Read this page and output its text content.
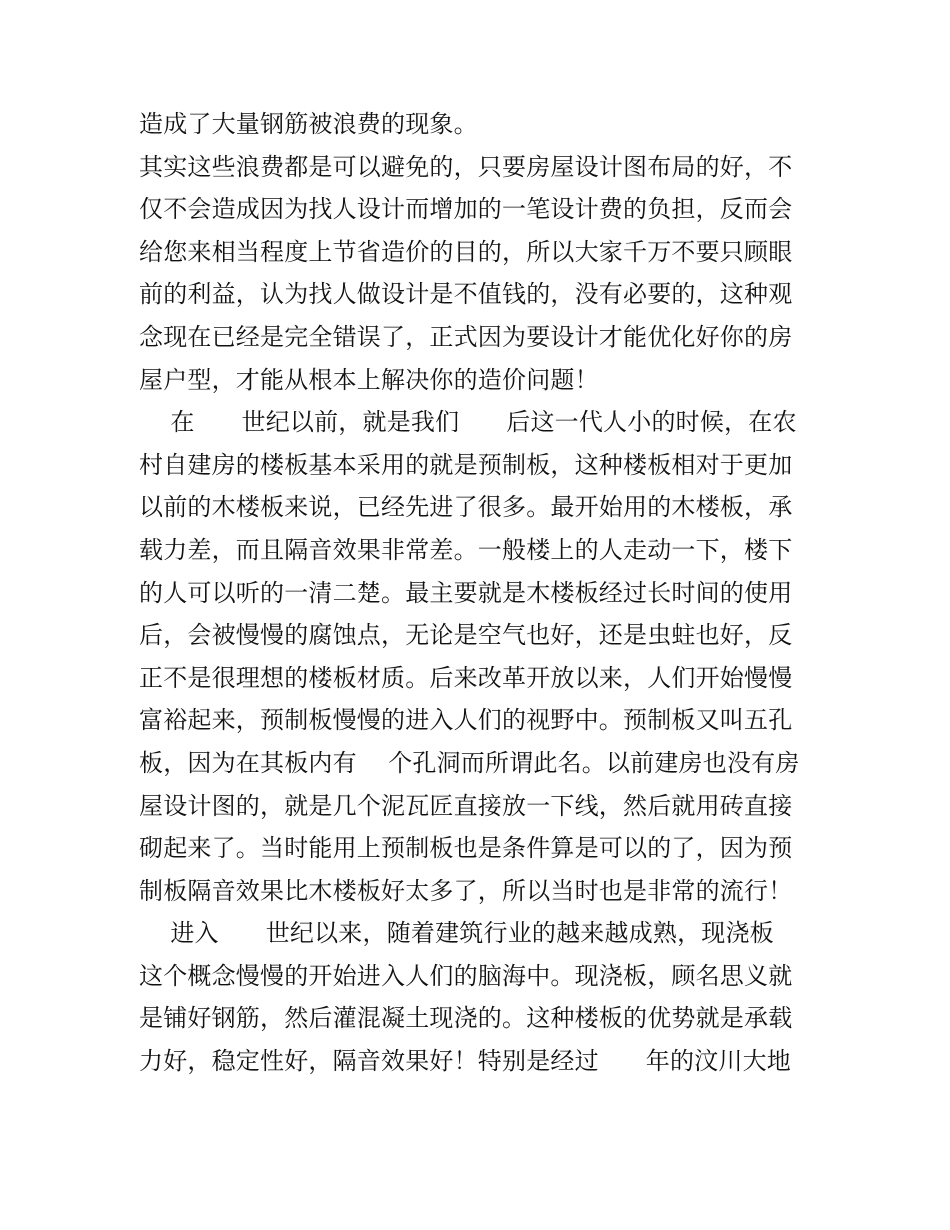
造成了大量钢筋被浪费的现象。
其实这些浪费都是可以避免的，只要房屋设计图布局的好，不
仅不会造成因为找人设计而增加的一笔设计费的负担，反而会
给您来相当程度上节省造价的目的，所以大家千万不要只顾眼
前的利益，认为找人做设计是不值钱的，没有必要的，这种观
念现在已经是完全错误了，正式因为要设计才能优化好你的房
屋户型，才能从根本上解决你的造价问题！
在      世纪以前，就是我们      后这一代人小的时候，在农
村自建房的楼板基本采用的就是预制板，这种楼板相对于更加
以前的木楼板来说，已经先进了很多。最开始用的木楼板，承
载力差，而且隔音效果非常差。一般楼上的人走动一下，楼下
的人可以听的一清二楚。最主要就是木楼板经过长时间的使用
后，会被慢慢的腐蚀点，无论是空气也好，还是虫蛀也好，反
正不是很理想的楼板材质。后来改革开放以来，人们开始慢慢
富裕起来，预制板慢慢的进入人们的视野中。预制板又叫五孔
板，因为在其板内有    个孔洞而所谓此名。以前建房也没有房
屋设计图的，就是几个泥瓦匠直接放一下线，然后就用砖直接
砌起来了。当时能用上预制板也是条件算是可以的了，因为预
制板隔音效果比木楼板好太多了，所以当时也是非常的流行！
进入      世纪以来，随着建筑行业的越来越成熟，现浇板
这个概念慢慢的开始进入人们的脑海中。现浇板，顾名思义就
是铺好钢筋，然后灌混凝土现浇的。这种楼板的优势就是承载
力好，稳定性好，隔音效果好！特别是经过      年的汶川大地
